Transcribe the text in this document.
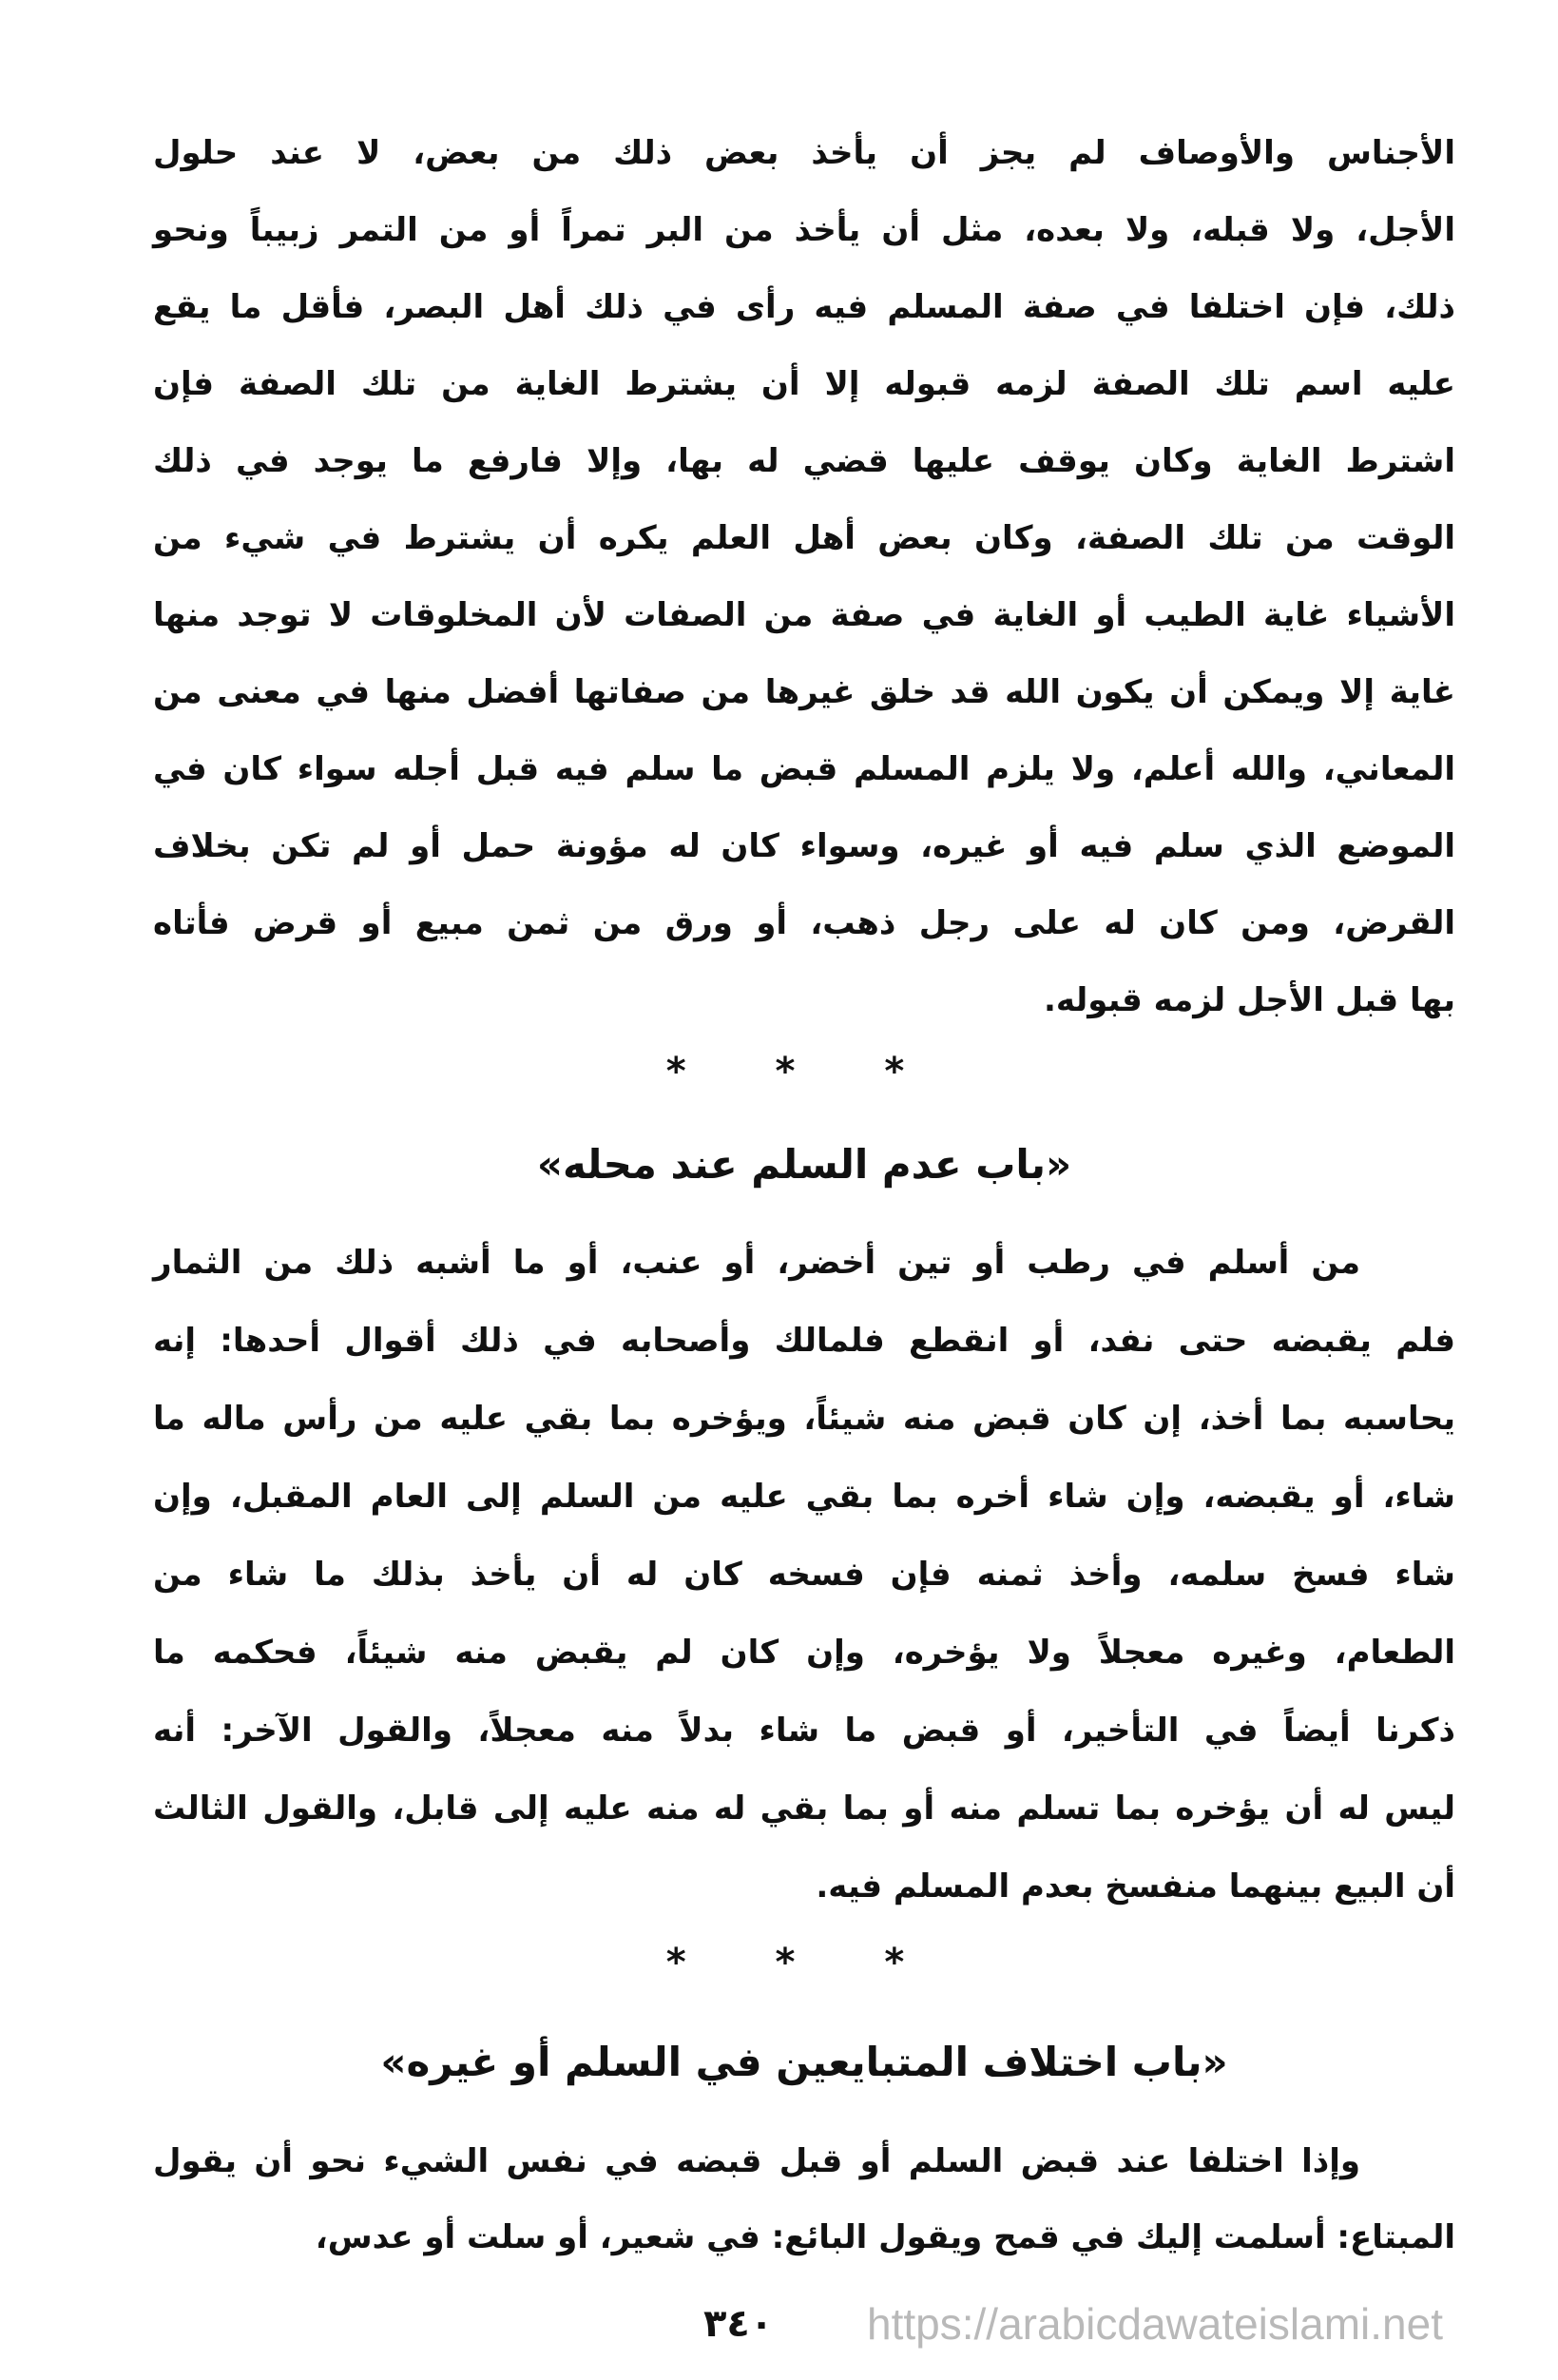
الأجناس والأوصاف لم يجز أن يأخذ بعض ذلك من بعض، لا عند حلول
الأجل، ولا قبله، ولا بعده، مثل أن يأخذ من البر تمراً أو من التمر زبيباً ونحو
ذلك، فإن اختلفا في صفة المسلم فيه رأى في ذلك أهل البصر، فأقل ما يقع
عليه اسم تلك الصفة لزمه قبوله إلا أن يشترط الغاية من تلك الصفة فإن
اشترط الغاية وكان يوقف عليها قضي له بها، وإلا فارفع ما يوجد في ذلك
الوقت من تلك الصفة، وكان بعض أهل العلم يكره أن يشترط في شيء من
الأشياء غاية الطيب أو الغاية في صفة من الصفات لأن المخلوقات لا توجد منها
غاية إلا ويمكن أن يكون الله قد خلق غيرها من صفاتها أفضل منها في معنى من
المعاني، والله أعلم، ولا يلزم المسلم قبض ما سلم فيه قبل أجله سواء كان في
الموضع الذي سلم فيه أو غيره، وسواء كان له مؤونة حمل أو لم تكن بخلاف
القرض، ومن كان له على رجل ذهب، أو ورق من ثمن مبيع أو قرض فأتاه
بها قبل الأجل لزمه قبوله.
* * *
«باب عدم السلم عند محله»
من أسلم في رطب أو تين أخضر، أو عنب، أو ما أشبه ذلك من الثمار
فلم يقبضه حتى نفد، أو انقطع فلمالك وأصحابه في ذلك أقوال أحدها: إنه
يحاسبه بما أخذ، إن كان قبض منه شيئاً، ويؤخره بما بقي عليه من رأس ماله ما
شاء، أو يقبضه، وإن شاء أخره بما بقي عليه من السلم إلى العام المقبل، وإن
شاء فسخ سلمه، وأخذ ثمنه فإن فسخه كان له أن يأخذ بذلك ما شاء من
الطعام، وغيره معجلاً ولا يؤخره، وإن كان لم يقبض منه شيئاً، فحكمه ما
ذكرنا أيضاً في التأخير، أو قبض ما شاء بدلاً منه معجلاً، والقول الآخر: أنه
ليس له أن يؤخره بما تسلم منه أو بما بقي له منه عليه إلى قابل، والقول الثالث
أن البيع بينهما منفسخ بعدم المسلم فيه.
* * *
«باب اختلاف المتبايعين في السلم أو غيره»
وإذا اختلفا عند قبض السلم أو قبل قبضه في نفس الشيء نحو أن يقول
المبتاع: أسلمت إليك في قمح ويقول البائع: في شعير، أو سلت أو عدس،
٣٤٠ https://arabicdawateislami.net
